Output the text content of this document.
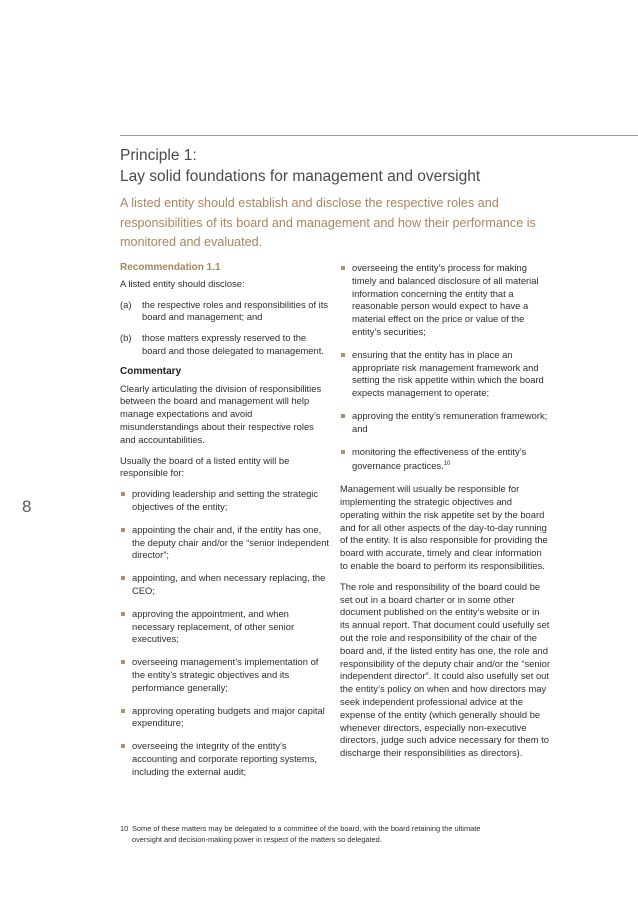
8
Principle 1:
Lay solid foundations for management and oversight
A listed entity should establish and disclose the respective roles and responsibilities of its board and management and how their performance is monitored and evaluated.
Recommendation 1.1
A listed entity should disclose:
(a)	the respective roles and responsibilities of its board and management; and
(b)	those matters expressly reserved to the board and those delegated to management.
Commentary
Clearly articulating the division of responsibilities between the board and management will help manage expectations and avoid misunderstandings about their respective roles and accountabilities.
Usually the board of a listed entity will be responsible for:
providing leadership and setting the strategic objectives of the entity;
appointing the chair and, if the entity has one, the deputy chair and/or the “senior independent director”;
appointing, and when necessary replacing, the CEO;
approving the appointment, and when necessary replacement, of other senior executives;
overseeing management’s implementation of the entity’s strategic objectives and its performance generally;
approving operating budgets and major capital expenditure;
overseeing the integrity of the entity’s accounting and corporate reporting systems, including the external audit;
overseeing the entity’s process for making timely and balanced disclosure of all material information concerning the entity that a reasonable person would expect to have a material effect on the price or value of the entity’s securities;
ensuring that the entity has in place an appropriate risk management framework and setting the risk appetite within which the board expects management to operate;
approving the entity’s remuneration framework; and
monitoring the effectiveness of the entity’s governance practices.$^{10}$
Management will usually be responsible for implementing the strategic objectives and operating within the risk appetite set by the board and for all other aspects of the day-to-day running of the entity. It is also responsible for providing the board with accurate, timely and clear information to enable the board to perform its responsibilities.
The role and responsibility of the board could be set out in a board charter or in some other document published on the entity’s website or in its annual report. That document could usefully set out the role and responsibility of the chair of the board and, if the listed entity has one, the role and responsibility of the deputy chair and/or the “senior independent director”. It could also usefully set out the entity’s policy on when and how directors may seek independent professional advice at the expense of the entity (which generally should be whenever directors, especially non-executive directors, judge such advice necessary for them to discharge their responsibilities as directors).
10 Some of these matters may be delegated to a committee of the board, with the board retaining the ultimate
oversight and decision-making power in respect of the matters so delegated.
